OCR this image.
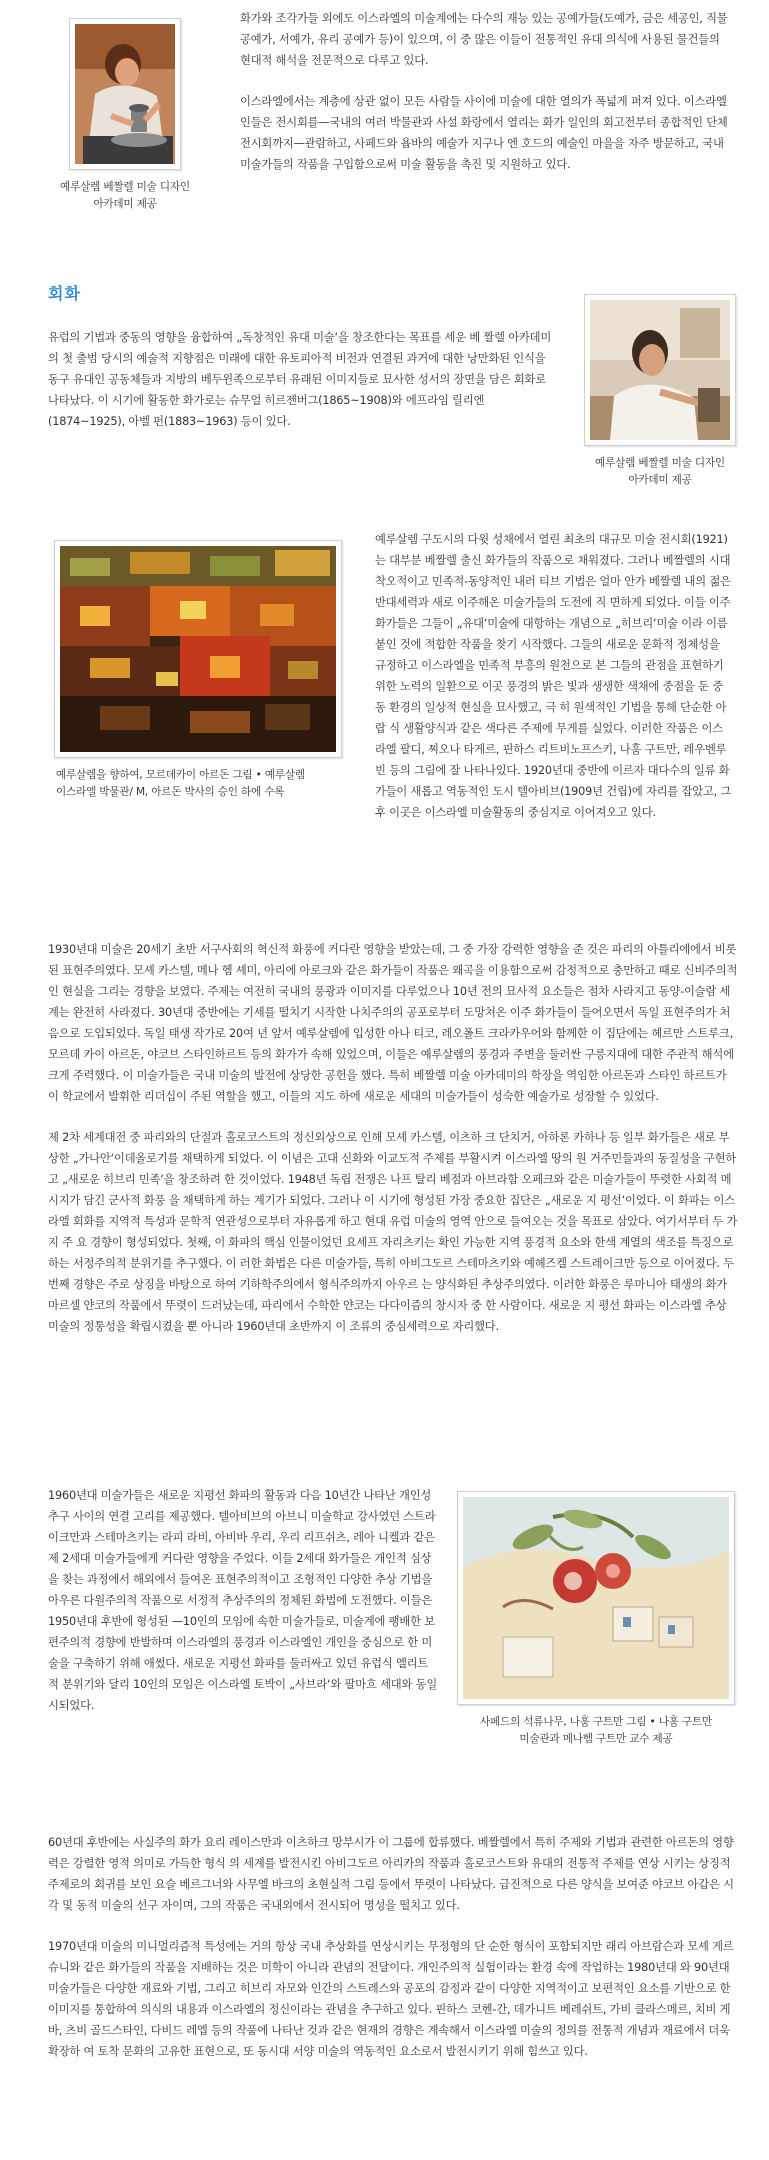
예루살렘 베짤렐 미술 디자인
아카데미 제공

화가와 조각가들 외에도 이스라엘의 미술계에는 다수의 재능 있는 공예가들(도예가, 금은 세공인, 직물 공예가, 서예가, 유리 공예가 등)이 있으며, 이 중 많은 이들이 전통적인 유대 의식에 사용된 물건들의 현대적 해석을 전문적으로 다루고 있다.

이스라엘에서는 계층에 상관 없이 모든 사람들 사이에 미술에 대한 열의가 폭넓게 퍼져 있다. 이스라엘인들은 전시회를—국내의 여러 박물관과 사설 화랑에서 열리는 화가 일인의 회고전부터 종합적인 단체 전시회까지—관람하고, 사페드와 욥바의 예술가 지구나 엔 호드의 예술인 마을을 자주 방문하고, 국내 미술가들의 작품을 구입함으로써 미술 활동을 촉진 및 지원하고 있다.

회화

유럽의 기법과 중동의 영향을 융합하여 „독창적인 유대 미술‘을 창조한다는 목표를 세운 베 짤렐 아카데미의 첫 출범 당시의 예술적 지향점은 미래에 대한 유토피아적 비전과 연결된 과거에 대한 낭만화된 인식을 동구 유대인 공동체들과 지방의 베두윈족으로부터 유래된 이미지들로 묘사한 성서의 장면을 담은 회화로 나타났다. 이 시기에 활동한 화가로는 슈무얼 히르젠버그(1865~1908)와 에프라임 릴리엔(1874~1925), 아벨 펀(1883~1963) 등이 있다.

예루살렘 베짤렐 미술 디자인
아카데미 제공
예루살렘을 향하여, 모르데카이 아르돈 그림 • 예루살렘
이스라엘 박물관/ M, 아르돈 박사의 승인 하에 수록

예루살렘 구도시의 다윗 성채에서 열린 최초의 대규모 미술 전시회(1921)는 대부분 베짤렐 출신 화가들의 작품으로 채워졌다. 그러나 베짤렐의 시대 착오적이고 민족적-동양적인 내러 티브 기법은 얼마 안가 베짤렐 내의 젊은 반대세력과 새로 이주해온 미술가들의 도전에 직 면하게 되었다. 이들 이주 화가들은 그들이 „유대‘미술에 대항하는 개념으로 „히브리‘미술 이라 이름 붙인 것에 적합한 작품을 찾기 시작했다. 그들의 새로운 문화적 정체성을 규정하고 이스라엘을 민족적 부흥의 원천으로 본 그들의 관점을 표현하기 위한 노력의 일환으로 이곳 풍경의 밝은 빛과 생생한 색채에 중점을 둔 중동 환경의 일상적 현실을 묘사했고, 극 히 원색적인 기법을 통해 단순한 아랍 식 생활양식과 같은 색다른 주제에 무게를 실었다. 이러한 작품은 이스라엘 팔디, 찌오나 타게르, 핀하스 리트비노프스키, 나훔 구트만, 레우벤루빈 등의 그림에 잘 나타나있다. 1920년대 중반에 이르자 대다수의 일류 화가들이 새롭고 역동적인 도시 텔아비브(1909년 건립)에 자리를 잡았고, 그 후 이곳은 이스라엘 미술활동의 중심지로 이어져오고 있다.

1930년대 미술은 20세기 초반 서구사회의 혁신적 화풍에 커다란 영향을 받았는데, 그 중 가장 강력한 영향을 준 것은 파리의 아틀리에에서 비롯된 표현주의였다. 모셰 카스텔, 메나 헴 셰미, 아리에 아로크와 같은 화가들이 작품은 왜곡을 이용함으로써 감정적으로 충만하고 때로 신비주의적인 현실을 그리는 경향을 보였다. 주제는 여전히 국내의 풍광과 이미지를 다루었으나 10년 전의 묘사적 요소들은 점차 사라지고 동양-이슬람 세계는 완전히 사라졌다. 30년대 중반에는 기세를 떨치기 시작한 나치주의의 공포로부터 도망쳐온 이주 화가들이 들어오면서 독일 표현주의가 처음으로 도입되었다. 독일 태생 작가로 20여 년 앞서 예루살렘에 입성한 아나 티코, 레오폴트 크라카우어와 함께한 이 집단에는 헤르만 스트루크, 모르데 카이 아르돈, 야코브 스타인하르트 등의 화가가 속해 있었으며, 이들은 예루살렘의 풍경과 주변을 둘러싼 구릉지대에 대한 주관적 해석에 크게 주력했다. 이 미술가들은 국내 미술의 발전에 상당한 공헌을 했다. 특히 베짤렐 미술 아카데미의 학장을 역임한 아르돈과 스타인 하르트가 이 학교에서 발휘한 리더십이 주된 역할을 했고, 이들의 지도 하에 새로운 세대의 미술가들이 성숙한 예술가로 성장할 수 있었다.

제 2차 세계대전 중 파리와의 단절과 홀로코스트의 정신외상으로 인해 모셰 카스텔, 이츠하 크 단치거, 아하론 카하나 등 일부 화가들은 새로 부상한 „가나안‘이데올로기를 채택하게 되었다. 이 이념은 고대 신화와 이교도적 주제를 부활시켜 이스라엘 땅의 원 거주민들과의 동질성을 구현하고 „새로운 히브리 민족‘을 창조하려 한 것이었다. 1948년 독립 전쟁은 나프 탈리 베점과 아브라함 오페크와 같은 미술가들이 뚜렷한 사회적 메시지가 담긴 군사적 화풍 을 채택하게 하는 계기가 되었다. 그러나 이 시기에 형성된 가장 중요한 집단은 „새로운 지 평선‘이었다. 이 화파는 이스라엘 회화를 지역적 특성과 문학적 연관성으로부터 자유롭게 하고 현대 유럽 미술의 영역 안으로 들여오는 것을 목표로 삼았다. 여기서부터 두 가지 주 요 경향이 형성되었다. 첫째, 이 화파의 핵심 인물이었던 요세프 자리츠키는 확인 가능한 지역 풍경적 요소와 한색 계열의 색조를 특징으로 하는 서정주의적 분위기를 추구했다. 이 러한 화법은 다른 미술가들, 특히 아비그도르 스테마츠키와 예헤즈켈 스트레이크만 등으로 이어졌다. 두 번째 경향은 주로 상징을 바탕으로 하여 기하학주의에서 형식주의까지 아우르 는 양식화된 추상주의였다. 이러한 화풍은 루마니아 태생의 화가 마르셀 얀코의 작품에서 뚜렷이 드러났는데, 파리에서 수학한 얀코는 다다이즘의 창시자 중 한 사람이다. 새로운 지 평선 화파는 이스라엘 추상 미술의 정통성을 확립시켰을 뿐 아니라 1960년대 초반까지 이 조류의 중심세력으로 자리했다.

1960년대 미술가들은 새로운 지평선 화파의 활동과 다음 10년간 나타난 개인성 추구 사이의 연결 고리를 제공했다. 텔아비브의 아브니 미술학교 강사였던 스트라이크만과 스테마츠키는 라피 라비, 아비바 우리, 우리 리프쉬츠, 레아 니켈과 같은 제 2세대 미술가들에게 커다란 영향을 주었다. 이들 2세대 화가들은 개인적 심상을 찾는 과정에서 해외에서 들여온 표현주의적이고 조형적인 다양한 추상 기법을 아우른 다원주의적 작품으로 서정적 추상주의의 정체된 화법에 도전했다. 이들은 1950년대 후반에 형성된 —10인의 모임에 속한 미술가들로, 미술계에 팽배한 보편주의적 경향에 반발하며 이스라엘의 풍경과 이스라엘인 개인을 중심으로 한 미술을 구축하기 위해 애썼다. 새로운 지평선 화파를 둘러싸고 있던 유럽식 엘리트적 분위기와 달리 10인의 모임은 이스라엘 토박이 „사브라‘와 팔마흐 세대와 동일시되었다.

사페드의 석류나무, 나훔 구트만 그림 • 나훔 구트만
미술관과 메나헴 구트만 교수 제공

60년대 후반에는 사실주의 화가 요리 레이스만과 이츠하크 망부시가 이 그룹에 합류했다. 베짤렐에서 특히 주제와 기법과 관련한 아르돈의 영향력은 강렬한 영적 의미로 가득한 형식 의 세계를 발전시킨 아비그도르 아리카의 작품과 홀로코스트와 유대의 전통적 주제를 연상 시키는 상징적 주제로의 회귀를 보인 요슬 베르그너와 사무엘 바크의 초현실적 그림 등에서 뚜렷이 나타났다. 급진적으로 다른 양식을 보여준 야코브 아갑은 시각 및 동적 미술의 선구 자이며, 그의 작품은 국내외에서 전시되어 명성을 떨치고 있다.

1970년대 미술의 미니멀리즘적 특성에는 거의 항상 국내 추상화를 연상시키는 무정형의 단 순한 형식이 포함되지만 래리 아브람슨과 모셰 게르슈니와 같은 화가들의 작품을 지배하는 것은 미학이 아니라 관념의 전달이다. 개인주의적 실험이라는 환경 속에 작업하는 1980년대 와 90년대 미술가들은 다양한 재료와 기법, 그리고 히브리 자모와 인간의 스트레스와 공포의 감정과 같이 다양한 지역적이고 보편적인 요소를 기반으로 한 이미지를 통합하여 의식의 내용과 이스라엘의 정신이라는 관념을 추구하고 있다. 핀하스 코헨-간, 데가니트 베레쉬트, 가비 클라스메르, 치비 게바, 츠비 골드스타인, 다비드 레엡 등의 작품에 나타난 것과 같은 현재의 경향은 계속해서 이스라엘 미술의 정의를 전통적 개념과 재료에서 더욱 확장하 여 토착 문화의 고유한 표현으로, 또 동시대 서양 미술의 역동적인 요소로서 발전시키기 위해 힘쓰고 있다.
